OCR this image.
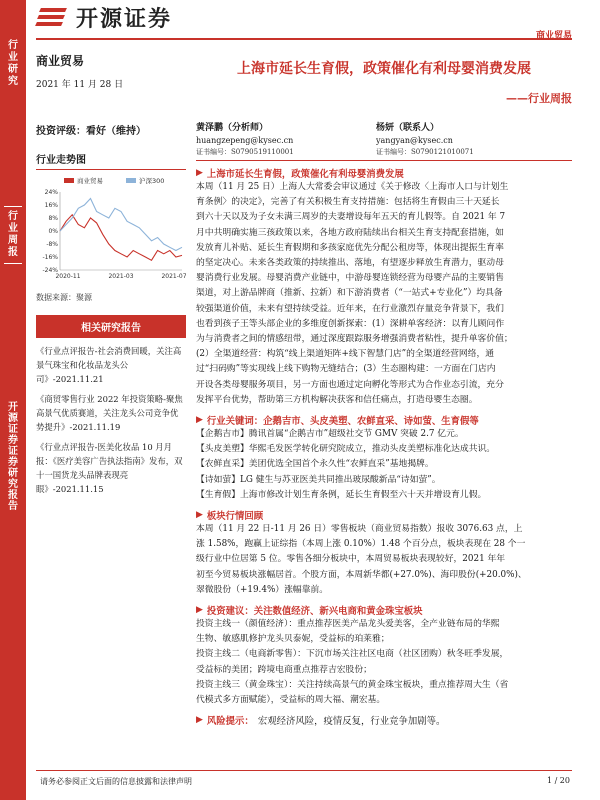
行业研究
行业周报
开源证券 证券研究报告
开源证券
商业贸易
商业贸易
2021 年 11 月 28 日
投资评级：看好（维持）
行业走势图
商业贸易	沪深300
24%
16%
8%
0%
-8%
-16%
-24%
2020-11	2021-03	2021-07
数据来源：聚源
相关研究报告
《行业点评报告-社会消费回暖，关注高景气珠宝和化妆品龙头公司》-2021.11.21
《商贸零售行业 2022 年投资策略-聚焦高景气优质赛道，关注龙头公司竞争优势提升》-2021.11.19
《行业点评报告-医美化妆品 10 月月报：《医疗美容广告执法指南》发布，双十一国货龙头品牌表现亮眼》-2021.11.15
上海市延长生育假，政策催化有利母婴消费发展
——行业周报
黄泽鹏（分析师）
huangzepeng@kysec.cn
证书编号：S0790519110001
杨妍（联系人）
yangyan@kysec.cn
证书编号：S0790121010071
▶ 上海市延长生育假，政策催化有利母婴消费发展
本周（11 月 25 日）上海人大常委会审议通过《关于修改〈上海市人口与计划生
育条例〉的决定》，完善了有关积极生育支持措施：包括将生育假由三十天延长
到六十天以及为子女未满三周岁的夫妻增设每年五天的育儿假等。自 2021 年 7
月中共明确实施三孩政策以来，各地方政府陆续出台相关生育支持配套措施，如
发放育儿补贴、延长生育假期和多孩家庭优先分配公租房等，体现出提振生育率
的坚定决心。未来各类政策的持续推出、落地，有望逐步释放生育潜力，驱动母
婴消费行业发展。母婴消费产业链中，中游母婴连锁经营为母婴产品的主要销售
渠道，对上游品牌商（推新、拉新）和下游消费者（“一站式+专业化”）均具备
较强渠道价值，未来有望持续受益。近年来，在行业激烈存量竞争背景下，我们
也看到孩子王等头部企业的多维度创新探索：(1）深耕单客经济：以育儿顾问作
为与消费者之间的情感纽带，通过深度跟踪服务增强消费者粘性，提升单客价值；
(2）全渠道经营：构筑“线上渠道矩阵+线下智慧门店”的全渠道经营网络，通
过“扫码购”等实现线上线下购物无缝结合；(3）生态圈构建：一方面在门店内
开设各类母婴服务项目，另一方面也通过定向孵化等形式为合作业态引流，充分
发挥平台优势，帮助第三方机构解决获客和信任痛点，打造母婴生态圈。
▶ 行业关键词：企鹅吉市、头皮美塑、农鲜直采、诗如萤、生育假等
【企鹅吉市】腾讯首属“企鹅吉市”超级社交节 GMV 突破 2.7 亿元。
【头皮美塑】华熙毛发医学转化研究院成立，推动头皮美塑标准化达成共识。
【农鲜直采】美团优选全国首个永久性“农鲜直采”基地揭牌。
【诗如萤】LG 健生与苏亚医美共同推出玻尿酸新品“诗如萤”。
【生育假】上海市修改计划生育条例，延长生育假至六十天并增设育儿假。
▶ 板块行情回顾
本周（11 月 22 日-11 月 26 日）零售板块（商业贸易指数）报收 3076.63 点，上
涨 1.58%，跑赢上证综指（本周上涨 0.10%）1.48 个百分点，板块表现在 28 个一
级行业中位居第 5 位。零售各细分板块中，本周贸易板块表现较好，2021 年年
初至今贸易板块涨幅居首。个股方面，本周新华都(+27.0%)、海印股份(+20.0%)、
翠微股份（+19.4%）涨幅靠前。
▶ 投资建议：关注数值经济、新兴电商和黄金珠宝板块
投资主线一（颜值经济）：重点推荐医美产品龙头爱美客，全产业链布局的华熙
生物、敏感肌修护龙头贝泰妮，受益标的珀莱雅；
投资主线二（电商新零售）：下沉市场关注社区电商（社区团购）秋冬旺季发展，
受益标的美团；跨境电商重点推荐吉宏股份；
投资主线三（黄金珠宝）：关注持续高景气的黄金珠宝板块，重点推荐周大生（省
代模式多方面赋能），受益标的周大福、潮宏基。
▶ 风险提示： 宏观经济风险，疫情反复，行业竞争加剧等。
请务必参阅正文后面的信息披露和法律声明	1 / 20
